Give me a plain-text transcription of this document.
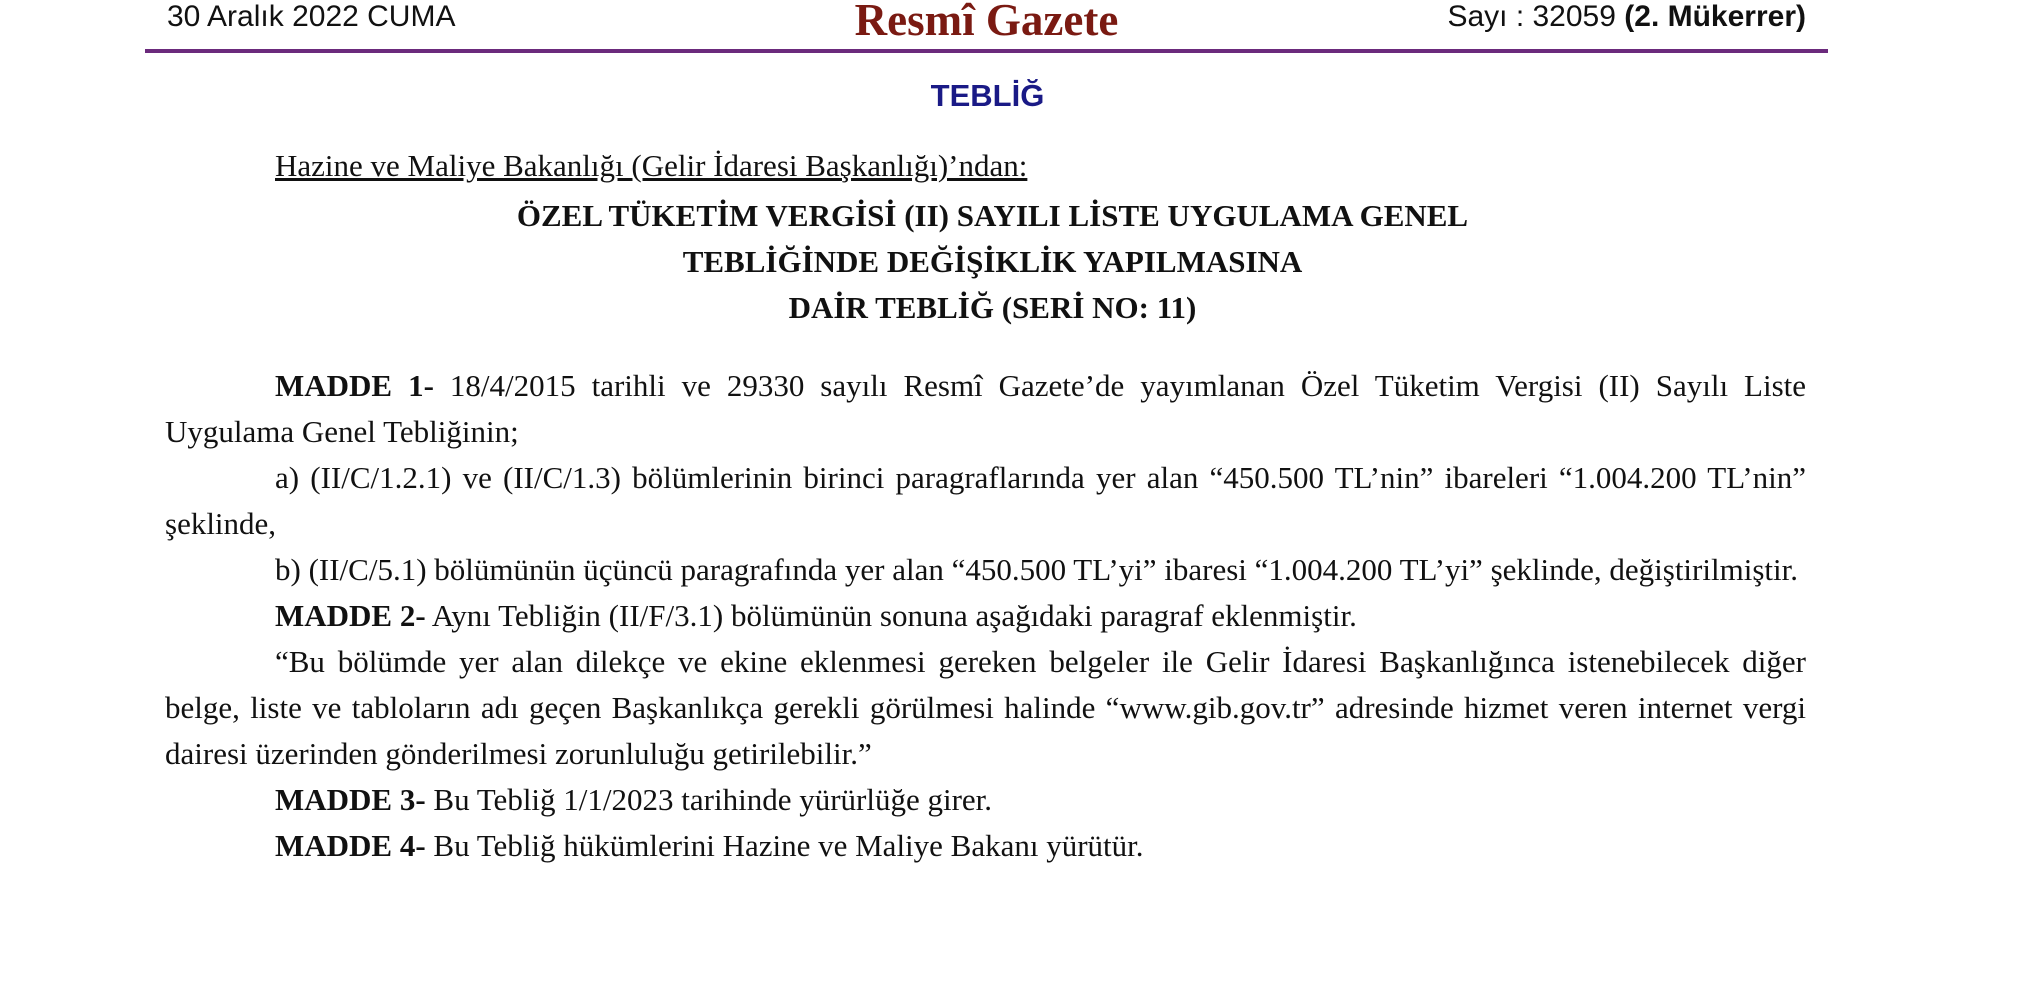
30 Aralık 2022 CUMA	Resmî Gazete	Sayı : 32059 (2. Mükerrer)
TEBLİĞ

Hazine ve Maliye Bakanlığı (Gelir İdaresi Başkanlığı)’ndan:

ÖZEL TÜKETİM VERGİSİ (II) SAYILI LİSTE UYGULAMA GENEL
TEBLİĞİNDE DEĞİŞİKLİK YAPILMASINA
DAİR TEBLİĞ (SERİ NO: 11)

MADDE 1- 18/4/2015 tarihli ve 29330 sayılı Resmî Gazete’de yayımlanan Özel Tüketim Vergisi (II) Sayılı Liste Uygulama Genel Tebliğinin;

a) (II/C/1.2.1) ve (II/C/1.3) bölümlerinin birinci paragraflarında yer alan “450.500 TL’nin” ibareleri “1.004.200 TL’nin” şeklinde,

b) (II/C/5.1) bölümünün üçüncü paragrafında yer alan “450.500 TL’yi” ibaresi “1.004.200 TL’yi” şeklinde, değiştirilmiştir.

MADDE 2- Aynı Tebliğin (II/F/3.1) bölümünün sonuna aşağıdaki paragraf eklenmiştir.

“Bu bölümde yer alan dilekçe ve ekine eklenmesi gereken belgeler ile Gelir İdaresi Başkanlığınca istenebilecek diğer belge, liste ve tabloların adı geçen Başkanlıkça gerekli görülmesi halinde “www.gib.gov.tr” adresinde hizmet veren internet vergi dairesi üzerinden gönderilmesi zorunluluğu getirilebilir.”

MADDE 3- Bu Tebliğ 1/1/2023 tarihinde yürürlüğe girer.

MADDE 4- Bu Tebliğ hükümlerini Hazine ve Maliye Bakanı yürütür.
